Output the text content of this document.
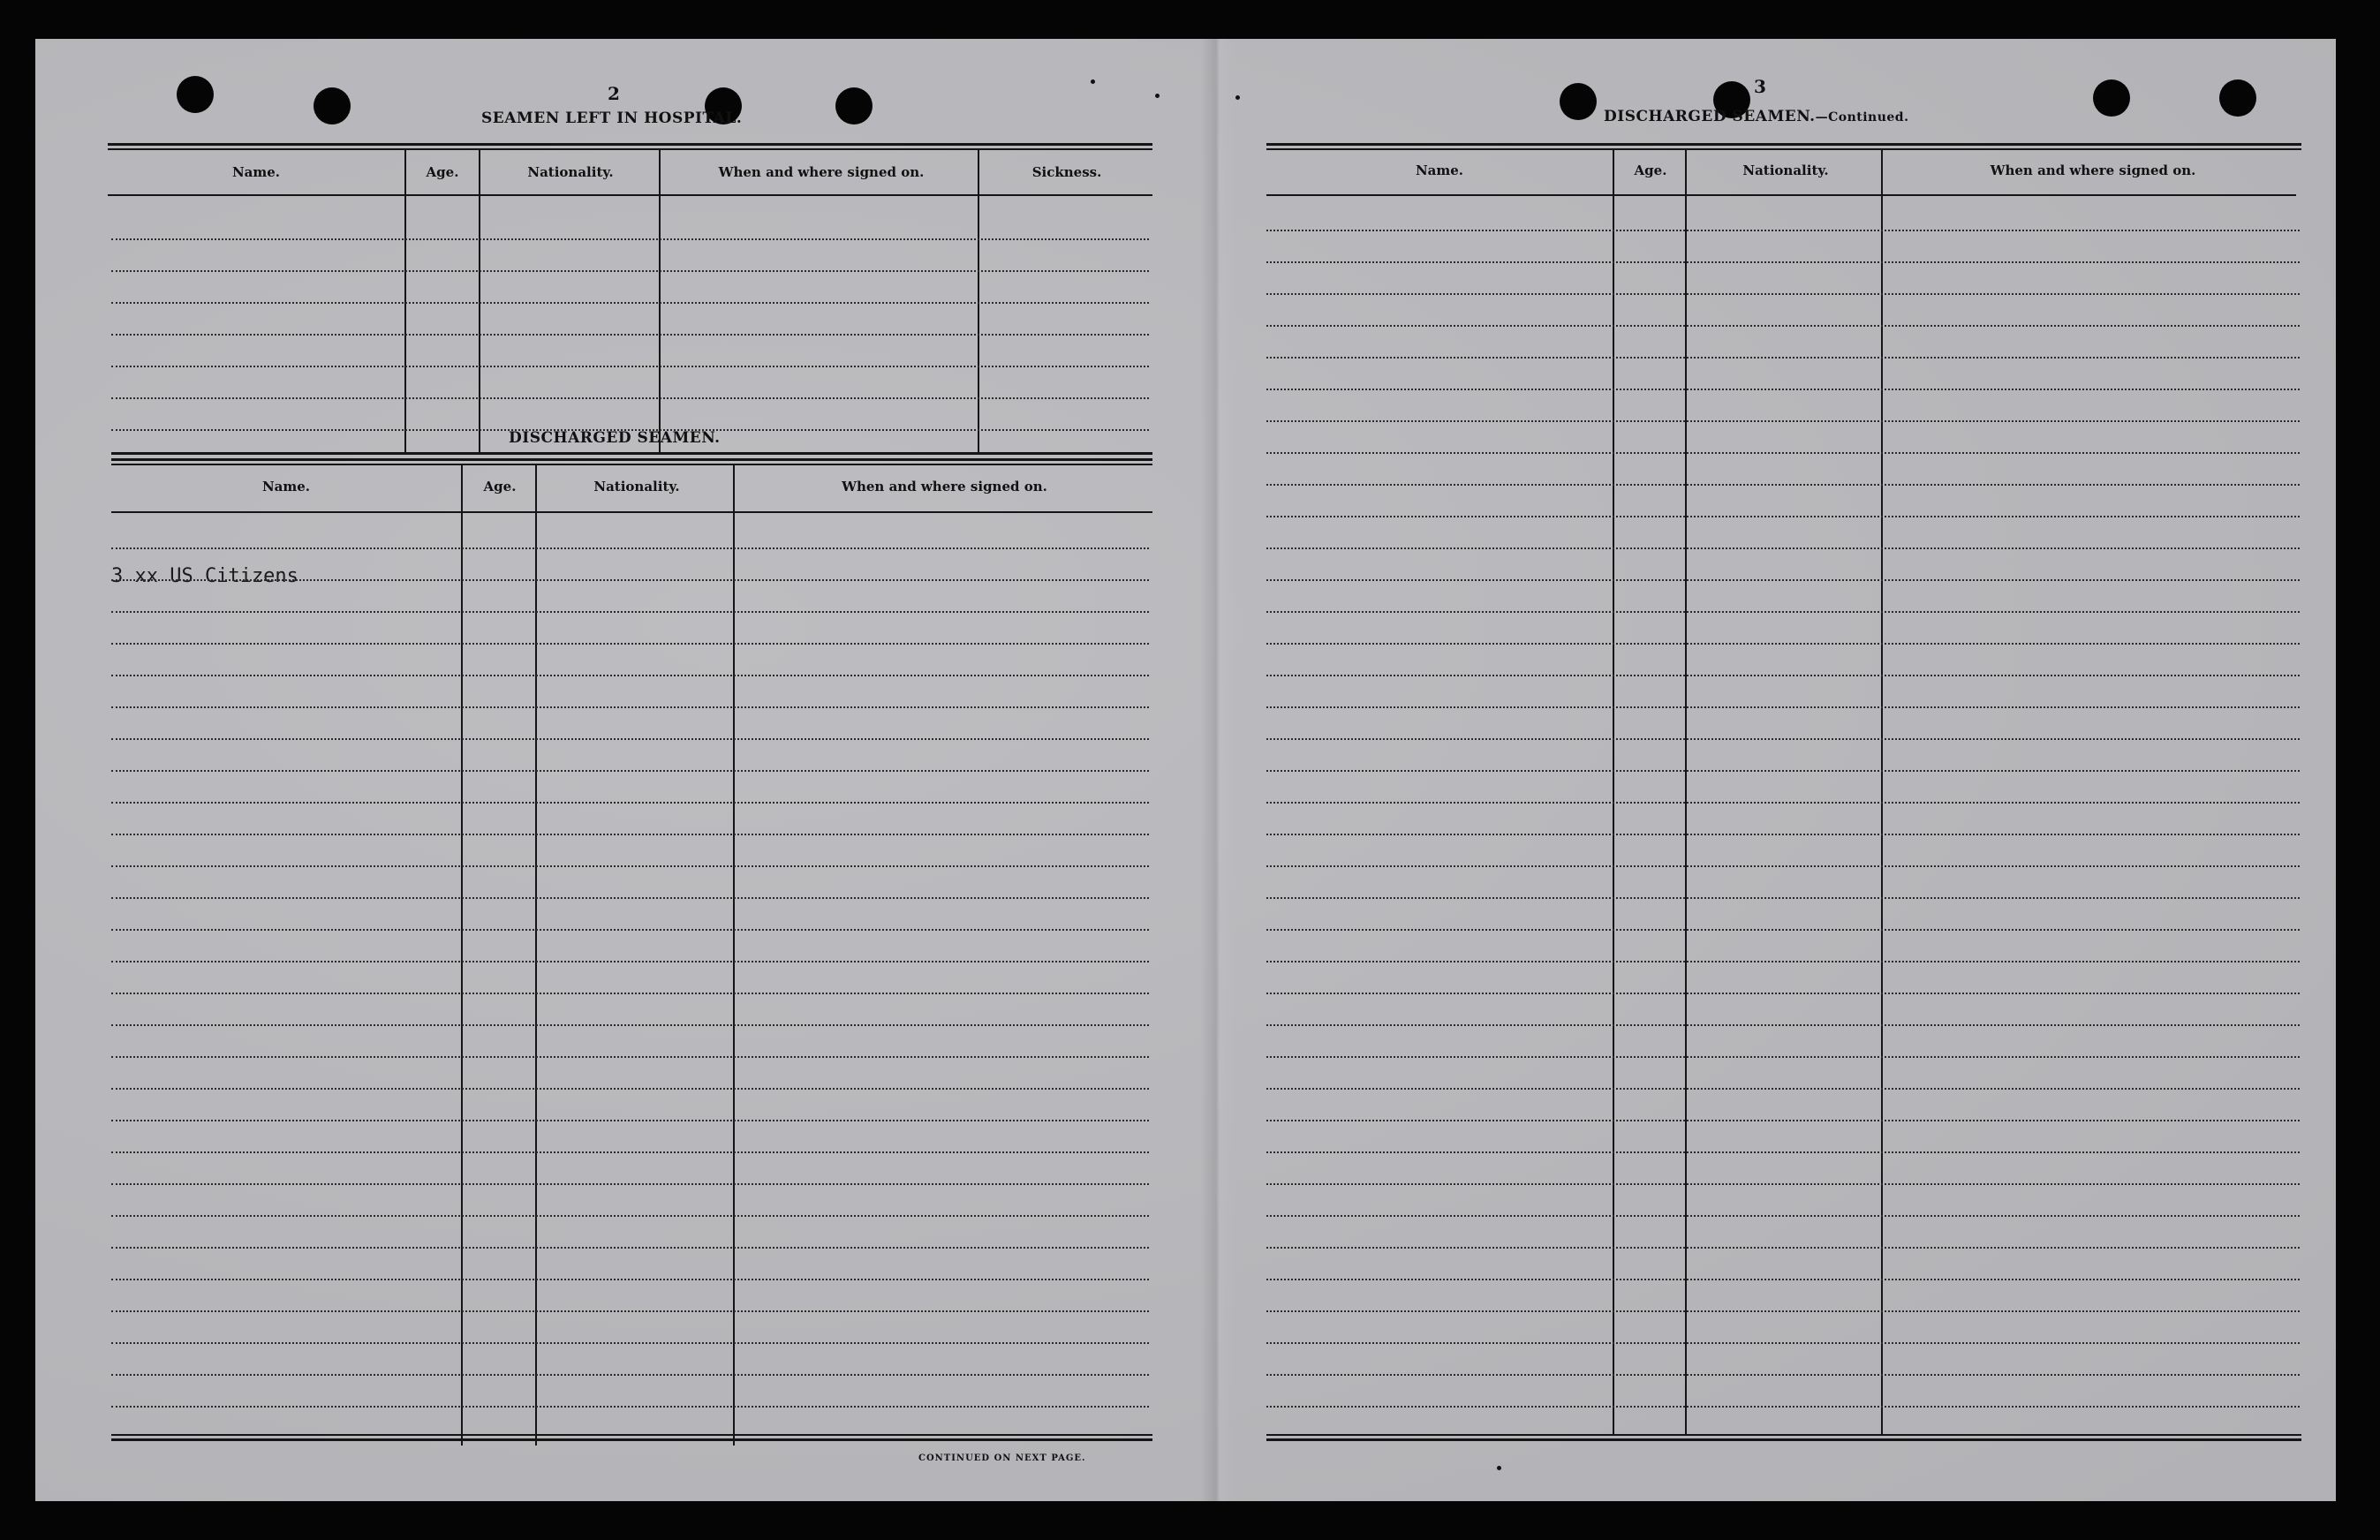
2
SEAMEN LEFT IN HOSPITAL.
Name.	Age.	Nationality.	When and where signed on.	Sickness.
DISCHARGED SEAMEN.
Name.	Age.	Nationality.	When and where signed on.
3 xx US Citizens
CONTINUED ON NEXT PAGE.
3
DISCHARGED SEAMEN.—Continued.
Name.	Age.	Nationality.	When and where signed on.
